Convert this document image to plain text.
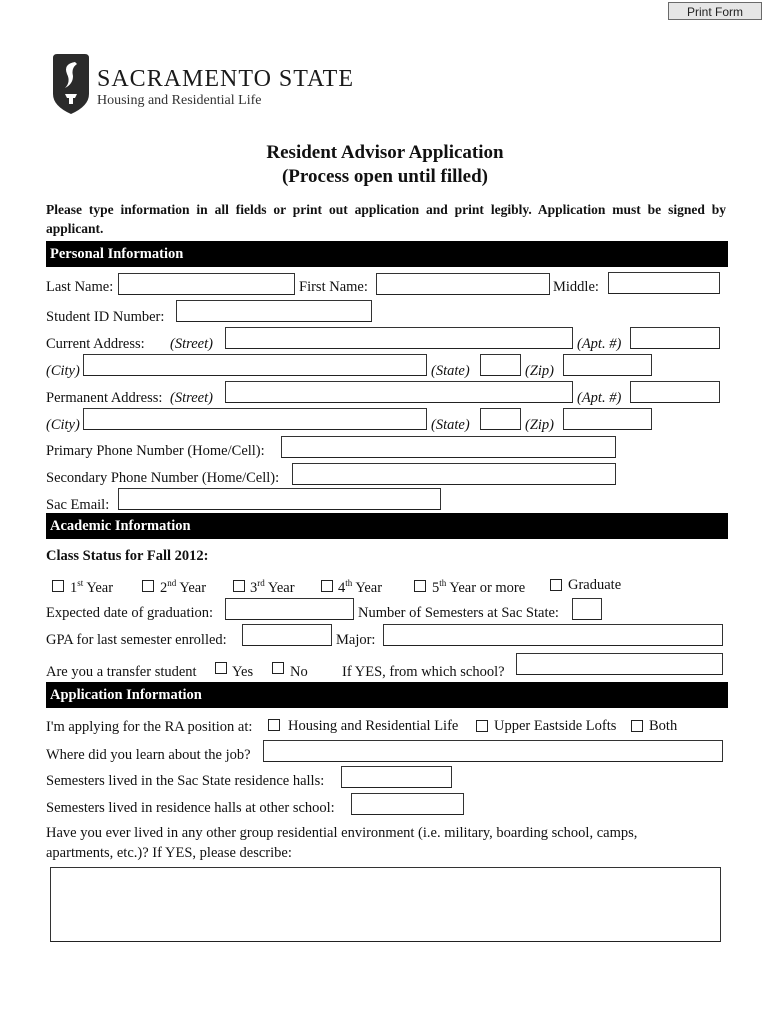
Print Form
SACRAMENTO STATE
Housing and Residential Life
Resident Advisor Application
(Process open until filled)
Please type information in all fields or print out application and print legibly. Application must be signed by applicant.
Personal Information
Last Name:	First Name:	Middle:
Student ID Number:
Current Address: (Street)	(Apt. #)
(City)	(State)	(Zip)
Permanent Address: (Street)	(Apt. #)
(City)	(State)	(Zip)
Primary Phone Number (Home/Cell):
Secondary Phone Number (Home/Cell):
Sac Email:
Academic Information
Class Status for Fall 2012:
1st Year	2nd Year	3rd Year	4th Year	5th Year or more	Graduate
Expected date of graduation:	Number of Semesters at Sac State:
GPA for last semester enrolled:	Major:
Are you a transfer student Yes	No If YES, from which school?
Application Information
I'm applying for the RA position at: Housing and Residential Life Upper Eastside Lofts Both
Where did you learn about the job?
Semesters lived in the Sac State residence halls:
Semesters lived in residence halls at other school:
Have you ever lived in any other group residential environment (i.e. military, boarding school, camps,
apartments, etc.)? If YES, please describe:
